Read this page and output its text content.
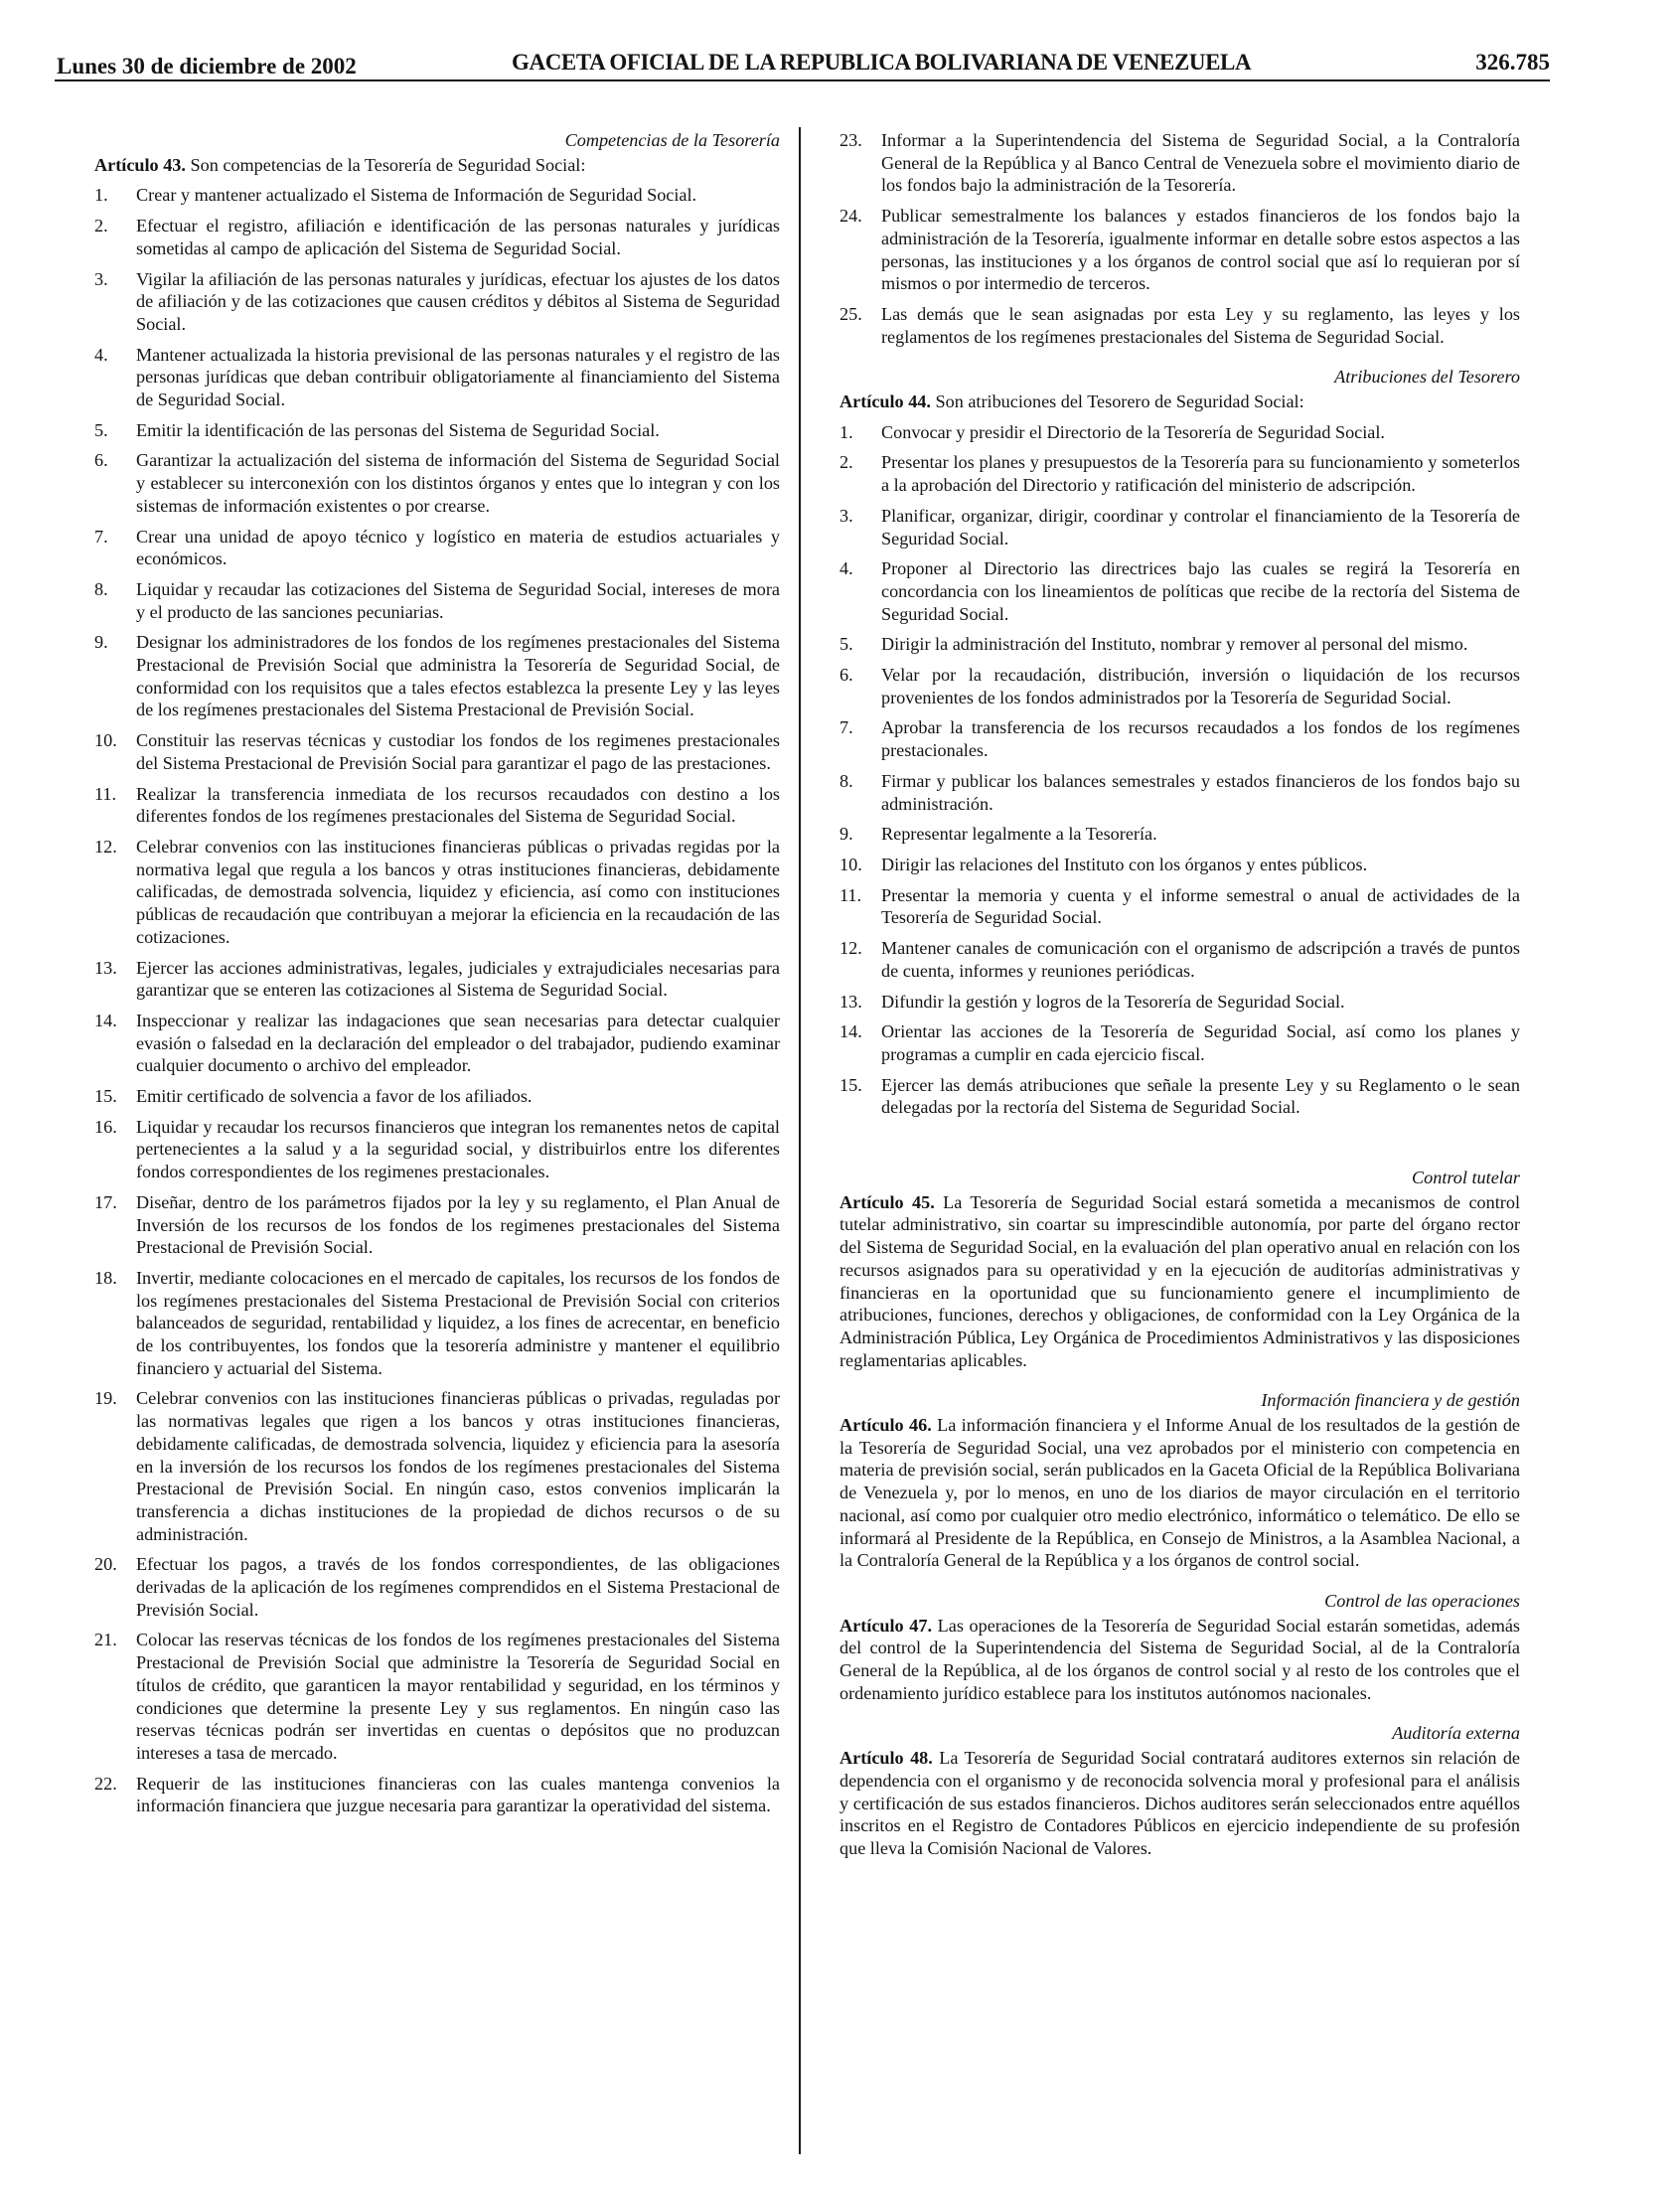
Lunes 30 de diciembre de 2002	GACETA OFICIAL DE LA REPUBLICA BOLIVARIANA DE VENEZUELA	326.785
Competencias de la Tesorería
Artículo 43. Son competencias de la Tesorería de Seguridad Social:
1. Crear y mantener actualizado el Sistema de Información de Seguridad Social.
2. Efectuar el registro, afiliación e identificación de las personas naturales y jurídicas sometidas al campo de aplicación del Sistema de Seguridad Social.
3. Vigilar la afiliación de las personas naturales y jurídicas, efectuar los ajustes de los datos de afiliación y de las cotizaciones que causen créditos y débitos al Sistema de Seguridad Social.
4. Mantener actualizada la historia previsional de las personas naturales y el registro de las personas jurídicas que deban contribuir obligatoriamente al financiamiento del Sistema de Seguridad Social.
5. Emitir la identificación de las personas del Sistema de Seguridad Social.
6. Garantizar la actualización del sistema de información del Sistema de Seguridad Social y establecer su interconexión con los distintos órganos y entes que lo integran y con los sistemas de información existentes o por crearse.
7. Crear una unidad de apoyo técnico y logístico en materia de estudios actuariales y económicos.
8. Liquidar y recaudar las cotizaciones del Sistema de Seguridad Social, intereses de mora y el producto de las sanciones pecuniarias.
9. Designar los administradores de los fondos de los regímenes prestacionales del Sistema Prestacional de Previsión Social que administra la Tesorería de Seguridad Social, de conformidad con los requisitos que a tales efectos establezca la presente Ley y las leyes de los regímenes prestacionales del Sistema Prestacional de Previsión Social.
10. Constituir las reservas técnicas y custodiar los fondos de los regimenes prestacionales del Sistema Prestacional de Previsión Social para garantizar el pago de las prestaciones.
11. Realizar la transferencia inmediata de los recursos recaudados con destino a los diferentes fondos de los regímenes prestacionales del Sistema de Seguridad Social.
12. Celebrar convenios con las instituciones financieras públicas o privadas regidas por la normativa legal que regula a los bancos y otras instituciones financieras, debidamente calificadas, de demostrada solvencia, liquidez y eficiencia, así como con instituciones públicas de recaudación que contribuyan a mejorar la eficiencia en la recaudación de las cotizaciones.
13. Ejercer las acciones administrativas, legales, judiciales y extrajudiciales necesarias para garantizar que se enteren las cotizaciones al Sistema de Seguridad Social.
14. Inspeccionar y realizar las indagaciones que sean necesarias para detectar cualquier evasión o falsedad en la declaración del empleador o del trabajador, pudiendo examinar cualquier documento o archivo del empleador.
15. Emitir certificado de solvencia a favor de los afiliados.
16. Liquidar y recaudar los recursos financieros que integran los remanentes netos de capital pertenecientes a la salud y a la seguridad social, y distribuirlos entre los diferentes fondos correspondientes de los regimenes prestacionales.
17. Diseñar, dentro de los parámetros fijados por la ley y su reglamento, el Plan Anual de Inversión de los recursos de los fondos de los regimenes prestacionales del Sistema Prestacional de Previsión Social.
18. Invertir, mediante colocaciones en el mercado de capitales, los recursos de los fondos de los regímenes prestacionales del Sistema Prestacional de Previsión Social con criterios balanceados de seguridad, rentabilidad y liquidez, a los fines de acrecentar, en beneficio de los contribuyentes, los fondos que la tesorería administre y mantener el equilibrio financiero y actuarial del Sistema.
19. Celebrar convenios con las instituciones financieras públicas o privadas, reguladas por las normativas legales que rigen a los bancos y otras instituciones financieras, debidamente calificadas, de demostrada solvencia, liquidez y eficiencia para la asesoría en la inversión de los recursos los fondos de los regímenes prestacionales del Sistema Prestacional de Previsión Social. En ningún caso, estos convenios implicarán la transferencia a dichas instituciones de la propiedad de dichos recursos o de su administración.
20. Efectuar los pagos, a través de los fondos correspondientes, de las obligaciones derivadas de la aplicación de los regímenes comprendidos en el Sistema Prestacional de Previsión Social.
21. Colocar las reservas técnicas de los fondos de los regímenes prestacionales del Sistema Prestacional de Previsión Social que administre la Tesorería de Seguridad Social en títulos de crédito, que garanticen la mayor rentabilidad y seguridad, en los términos y condiciones que determine la presente Ley y sus reglamentos. En ningún caso las reservas técnicas podrán ser invertidas en cuentas o depósitos que no produzcan intereses a tasa de mercado.
22. Requerir de las instituciones financieras con las cuales mantenga convenios la información financiera que juzgue necesaria para garantizar la operatividad del sistema.
23. Informar a la Superintendencia del Sistema de Seguridad Social, a la Contraloría General de la República y al Banco Central de Venezuela sobre el movimiento diario de los fondos bajo la administración de la Tesorería.
24. Publicar semestralmente los balances y estados financieros de los fondos bajo la administración de la Tesorería, igualmente informar en detalle sobre estos aspectos a las personas, las instituciones y a los órganos de control social que así lo requieran por sí mismos o por intermedio de terceros.
25. Las demás que le sean asignadas por esta Ley y su reglamento, las leyes y los reglamentos de los regímenes prestacionales del Sistema de Seguridad Social.
Atribuciones del Tesorero
Artículo 44. Son atribuciones del Tesorero de Seguridad Social:
1. Convocar y presidir el Directorio de la Tesorería de Seguridad Social.
2. Presentar los planes y presupuestos de la Tesorería para su funcionamiento y someterlos a la aprobación del Directorio y ratificación del ministerio de adscripción.
3. Planificar, organizar, dirigir, coordinar y controlar el financiamiento de la Tesorería de Seguridad Social.
4. Proponer al Directorio las directrices bajo las cuales se regirá la Tesorería en concordancia con los lineamientos de políticas que recibe de la rectoría del Sistema de Seguridad Social.
5. Dirigir la administración del Instituto, nombrar y remover al personal del mismo.
6. Velar por la recaudación, distribución, inversión o liquidación de los recursos provenientes de los fondos administrados por la Tesorería de Seguridad Social.
7. Aprobar la transferencia de los recursos recaudados a los fondos de los regímenes prestacionales.
8. Firmar y publicar los balances semestrales y estados financieros de los fondos bajo su administración.
9. Representar legalmente a la Tesorería.
10. Dirigir las relaciones del Instituto con los órganos y entes públicos.
11. Presentar la memoria y cuenta y el informe semestral o anual de actividades de la Tesorería de Seguridad Social.
12. Mantener canales de comunicación con el organismo de adscripción a través de puntos de cuenta, informes y reuniones periódicas.
13. Difundir la gestión y logros de la Tesorería de Seguridad Social.
14. Orientar las acciones de la Tesorería de Seguridad Social, así como los planes y programas a cumplir en cada ejercicio fiscal.
15. Ejercer las demás atribuciones que señale la presente Ley y su Reglamento o le sean delegadas por la rectoría del Sistema de Seguridad Social.
Control tutelar
Artículo 45. La Tesorería de Seguridad Social estará sometida a mecanismos de control tutelar administrativo, sin coartar su imprescindible autonomía, por parte del órgano rector del Sistema de Seguridad Social, en la evaluación del plan operativo anual en relación con los recursos asignados para su operatividad y en la ejecución de auditorías administrativas y financieras en la oportunidad que su funcionamiento genere el incumplimiento de atribuciones, funciones, derechos y obligaciones, de conformidad con la Ley Orgánica de la Administración Pública, Ley Orgánica de Procedimientos Administrativos y las disposiciones reglamentarias aplicables.
Información financiera y de gestión
Artículo 46. La información financiera y el Informe Anual de los resultados de la gestión de la Tesorería de Seguridad Social, una vez aprobados por el ministerio con competencia en materia de previsión social, serán publicados en la Gaceta Oficial de la República Bolivariana de Venezuela y, por lo menos, en uno de los diarios de mayor circulación en el territorio nacional, así como por cualquier otro medio electrónico, informático o telemático. De ello se informará al Presidente de la República, en Consejo de Ministros, a la Asamblea Nacional, a la Contraloría General de la República y a los órganos de control social.
Control de las operaciones
Artículo 47. Las operaciones de la Tesorería de Seguridad Social estarán sometidas, además del control de la Superintendencia del Sistema de Seguridad Social, al de la Contraloría General de la República, al de los órganos de control social y al resto de los controles que el ordenamiento jurídico establece para los institutos autónomos nacionales.
Auditoría externa
Artículo 48. La Tesorería de Seguridad Social contratará auditores externos sin relación de dependencia con el organismo y de reconocida solvencia moral y profesional para el análisis y certificación de sus estados financieros. Dichos auditores serán seleccionados entre aquéllos inscritos en el Registro de Contadores Públicos en ejercicio independiente de su profesión que lleva la Comisión Nacional de Valores.
